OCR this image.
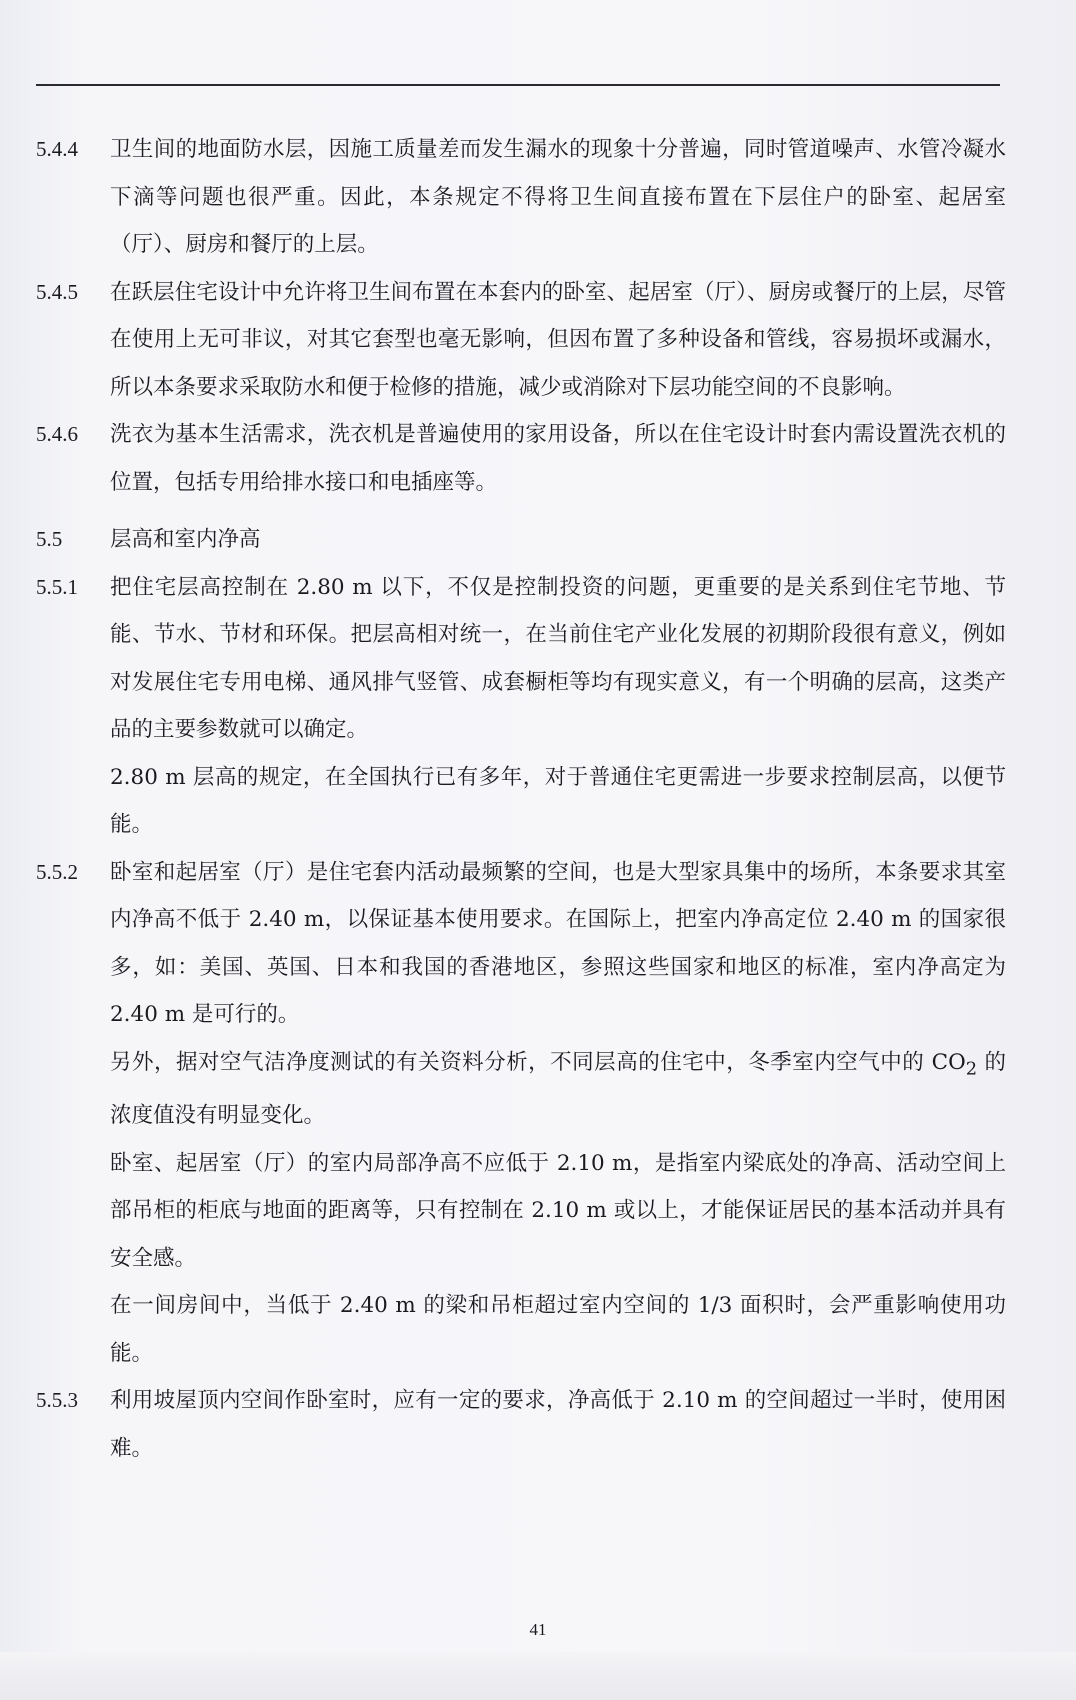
5.4.4 卫生间的地面防水层，因施工质量差而发生漏水的现象十分普遍，同时管道噪声、水管冷凝水下滴等问题也很严重。因此，本条规定不得将卫生间直接布置在下层住户的卧室、起居室（厅）、厨房和餐厅的上层。

5.4.5 在跃层住宅设计中允许将卫生间布置在本套内的卧室、起居室（厅）、厨房或餐厅的上层，尽管在使用上无可非议，对其它套型也毫无影响，但因布置了多种设备和管线，容易损坏或漏水，所以本条要求采取防水和便于检修的措施，减少或消除对下层功能空间的不良影响。

5.4.6 洗衣为基本生活需求，洗衣机是普遍使用的家用设备，所以在住宅设计时套内需设置洗衣机的位置，包括专用给排水接口和电插座等。

5.5 层高和室内净高

5.5.1 把住宅层高控制在 2.80 m 以下，不仅是控制投资的问题，更重要的是关系到住宅节地、节能、节水、节材和环保。把层高相对统一，在当前住宅产业化发展的初期阶段很有意义，例如对发展住宅专用电梯、通风排气竖管、成套橱柜等均有现实意义，有一个明确的层高，这类产品的主要参数就可以确定。

2.80 m 层高的规定，在全国执行已有多年，对于普通住宅更需进一步要求控制层高，以便节能。

5.5.2 卧室和起居室（厅）是住宅套内活动最频繁的空间，也是大型家具集中的场所，本条要求其室内净高不低于 2.40 m，以保证基本使用要求。在国际上，把室内净高定位 2.40 m 的国家很多，如：美国、英国、日本和我国的香港地区，参照这些国家和地区的标准，室内净高定为 2.40 m 是可行的。

另外，据对空气洁净度测试的有关资料分析，不同层高的住宅中，冬季室内空气中的 $CO_2$ 的浓度值没有明显变化。

卧室、起居室（厅）的室内局部净高不应低于 2.10 m，是指室内梁底处的净高、活动空间上部吊柜的柜底与地面的距离等，只有控制在 2.10 m 或以上，才能保证居民的基本活动并具有安全感。

在一间房间中，当低于 2.40 m 的梁和吊柜超过室内空间的 1/3 面积时，会严重影响使用功能。

5.5.3 利用坡屋顶内空间作卧室时，应有一定的要求，净高低于 2.10 m 的空间超过一半时，使用困难。

41
